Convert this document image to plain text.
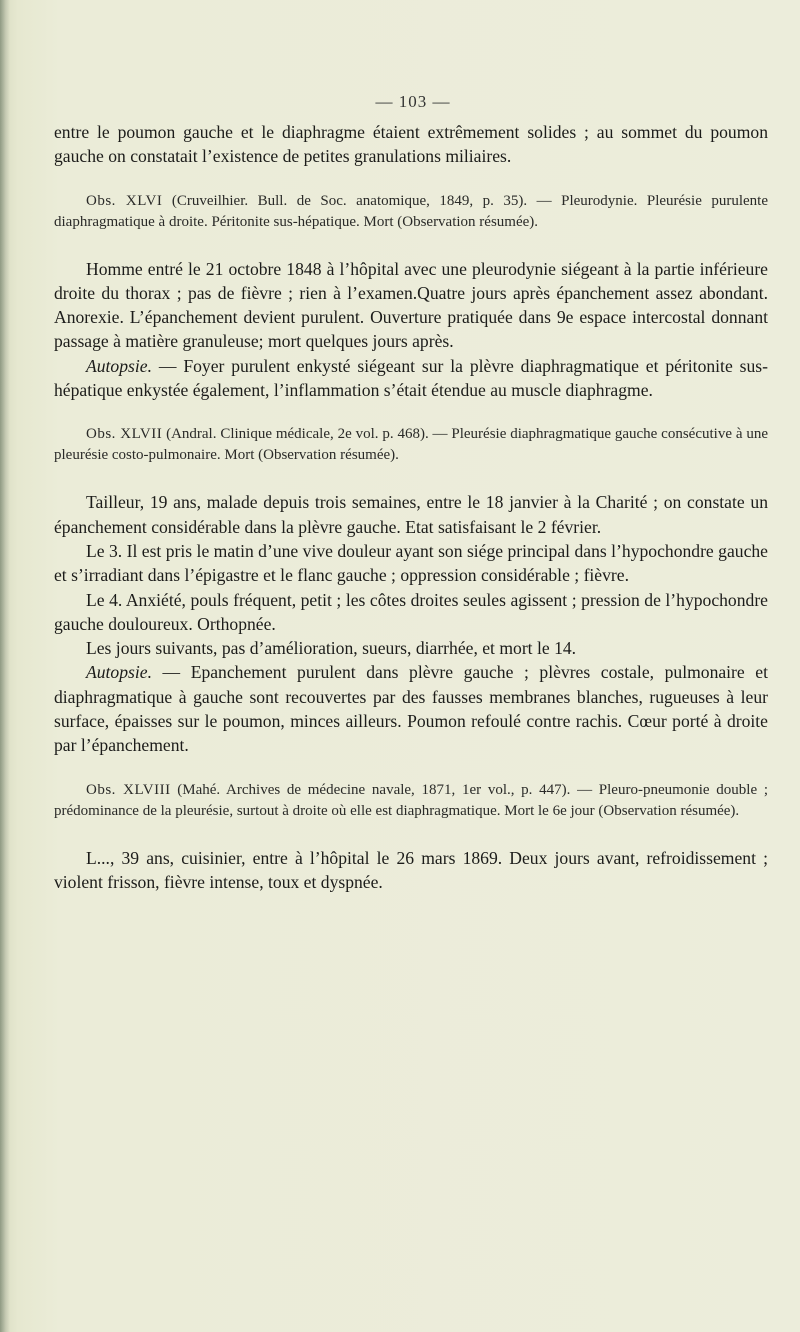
— 103 —

entre le poumon gauche et le diaphragme étaient extrêmement solides ; au sommet du poumon gauche on constatait l’existence de petites granulations miliaires.

Obs. XLVI (Cruveilhier. Bull. de Soc. anatomique, 1849, p. 35). — Pleurodynie. Pleurésie purulente diaphragmatique à droite. Péritonite sus-hépatique. Mort (Observation résumée).

Homme entré le 21 octobre 1848 à l’hôpital avec une pleurodynie siégeant à la partie inférieure droite du thorax ; pas de fièvre ; rien à l’examen.Quatre jours après épanchement assez abondant. Anorexie. L’épanchement devient purulent. Ouverture pratiquée dans 9e espace intercostal donnant passage à matière granuleuse; mort quelques jours après.

Autopsie. — Foyer purulent enkysté siégeant sur la plèvre diaphragmatique et péritonite sus-hépatique enkystée également, l’inflammation s’était étendue au muscle diaphragme.

Obs. XLVII (Andral. Clinique médicale, 2e vol. p. 468). — Pleurésie diaphragmatique gauche consécutive à une pleurésie costo-pulmonaire. Mort (Observation résumée).

Tailleur, 19 ans, malade depuis trois semaines, entre le 18 janvier à la Charité ; on constate un épanchement considérable dans la plèvre gauche. Etat satisfaisant le 2 février.

Le 3. Il est pris le matin d’une vive douleur ayant son siége principal dans l’hypochondre gauche et s’irradiant dans l’épigastre et le flanc gauche ; oppression considérable ; fièvre.

Le 4. Anxiété, pouls fréquent, petit ; les côtes droites seules agissent ; pression de l’hypochondre gauche douloureux. Orthopnée.

Les jours suivants, pas d’amélioration, sueurs, diarrhée, et mort le 14.

Autopsie. — Epanchement purulent dans plèvre gauche ; plèvres costale, pulmonaire et diaphragmatique à gauche sont recouvertes par des fausses membranes blanches, rugueuses à leur surface, épaisses sur le poumon, minces ailleurs. Poumon refoulé contre rachis. Cœur porté à droite par l’épanchement.

Obs. XLVIII (Mahé. Archives de médecine navale, 1871, 1er vol., p. 447). — Pleuro-pneumonie double ; prédominance de la pleurésie, surtout à droite où elle est diaphragmatique. Mort le 6e jour (Observation résumée).

L..., 39 ans, cuisinier, entre à l’hôpital le 26 mars 1869. Deux jours avant, refroidissement ; violent frisson, fièvre intense, toux et dyspnée.
